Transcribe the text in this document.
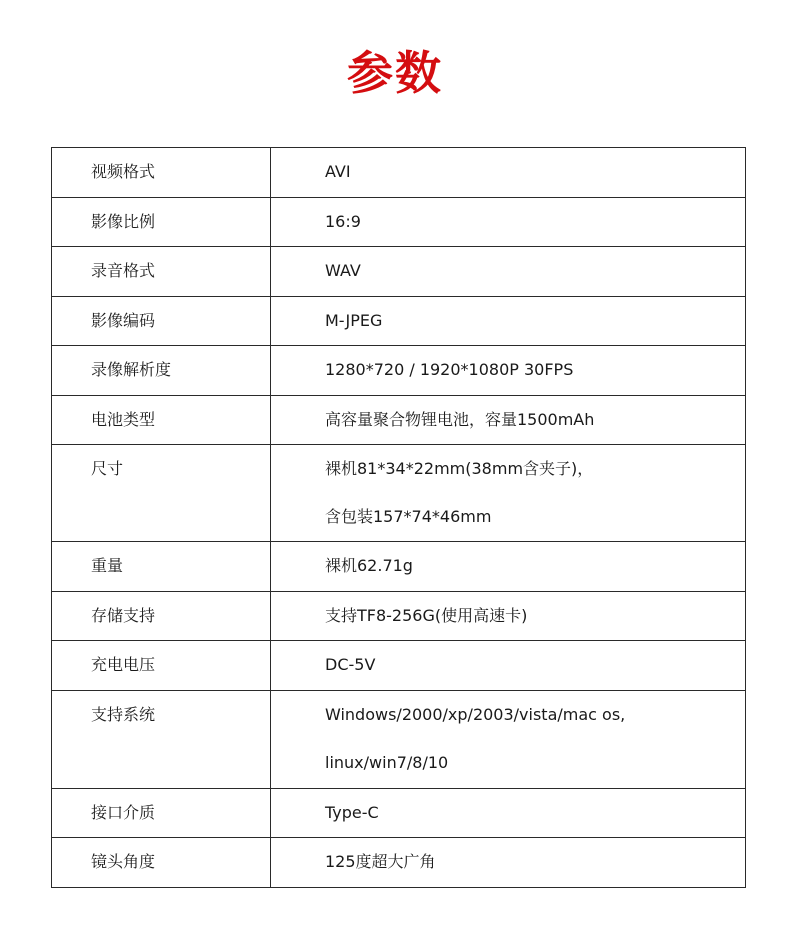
参数
视频格式	AVI

影像比例	16:9

录音格式	WAV

影像编码	M-JPEG

录像解析度	1280*720 / 1920*1080P 30FPS

电池类型	高容量聚合物锂电池，容量1500mAh

尺寸	裸机81*34*22mm(38mm含夹子)，
含包装157*74*46mm

重量	裸机62.71g

存储支持	支持TF8-256G(使用高速卡)

充电电压	DC-5V

支持系统	Windows/2000/xp/2003/vista/mac os,
linux/win7/8/10

接口介质	Type-C

镜头角度	125度超大广角
